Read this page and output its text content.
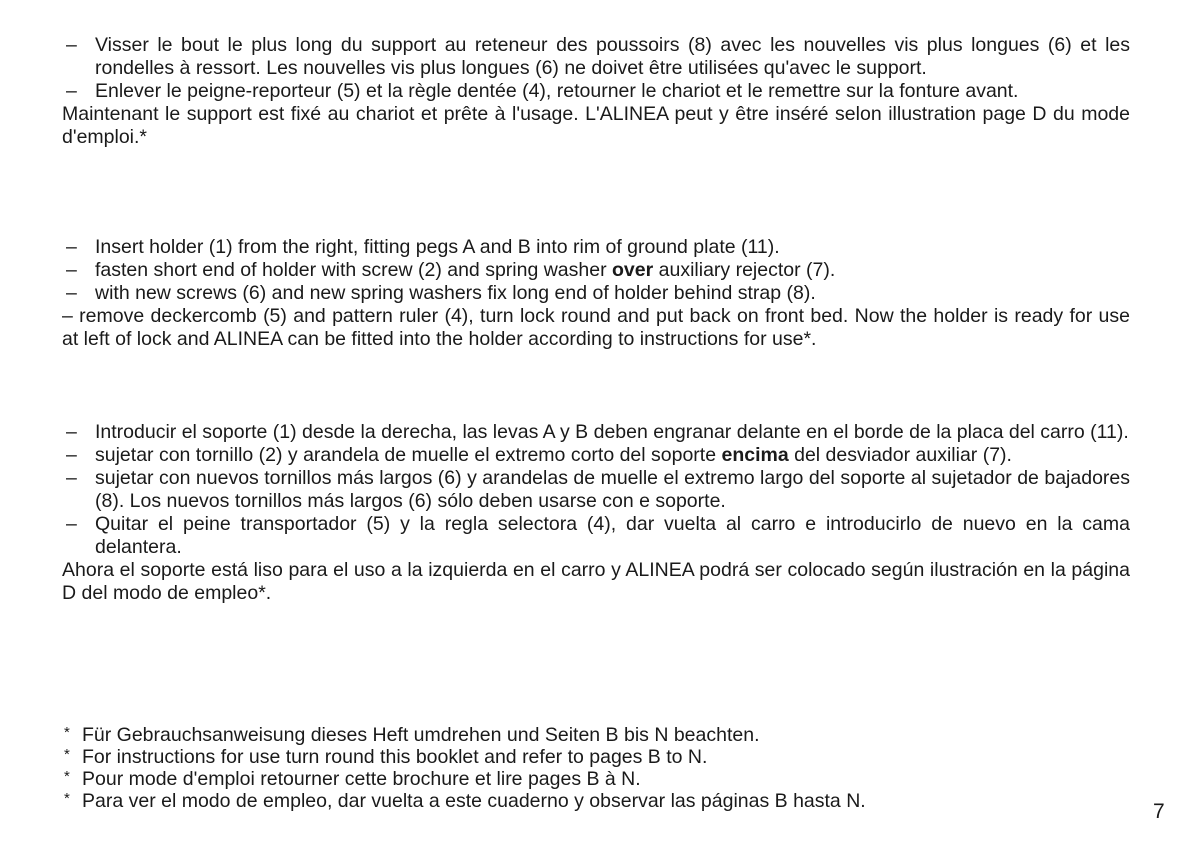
– Visser le bout le plus long du support au reteneur des poussoirs (8) avec les nouvelles vis plus longues (6) et les rondelles à ressort. Les nouvelles vis plus longues (6) ne doivet être utilisées qu'avec le support.
– Enlever le peigne-reporteur (5) et la règle dentée (4), retourner le chariot et le remettre sur la fonture avant.
Maintenant le support est fixé au chariot et prête à l'usage. L'ALINEA peut y être inséré selon illustration page D du mode d'emploi.*
– Insert holder (1) from the right, fitting pegs A and B into rim of ground plate (11).
– fasten short end of holder with screw (2) and spring washer over auxiliary rejector (7).
– with new screws (6) and new spring washers fix long end of holder behind strap (8).
– remove deckercomb (5) and pattern ruler (4), turn lock round and put back on front bed. Now the holder is ready for use at left of lock and ALINEA can be fitted into the holder according to instructions for use*.
– Introducir el soporte (1) desde la derecha, las levas A y B deben engranar delante en el borde de la placa del carro (11).
– sujetar con tornillo (2) y arandela de muelle el extremo corto del soporte encima del desviador auxiliar (7).
– sujetar con nuevos tornillos más largos (6) y arandelas de muelle el extremo largo del soporte al sujetador de bajadores (8). Los nuevos tornillos más largos (6) sólo deben usarse con e soporte.
– Quitar el peine transportador (5) y la regla selectora (4), dar vuelta al carro e introducirlo de nuevo en la cama delantera.
Ahora el soporte está liso para el uso a la izquierda en el carro y ALINEA podrá ser colocado según ilustración en la página D del modo de empleo*.
* Für Gebrauchsanweisung dieses Heft umdrehen und Seiten B bis N beachten.
* For instructions for use turn round this booklet and refer to pages B to N.
* Pour mode d'emploi retourner cette brochure et lire pages B à N.
* Para ver el modo de empleo, dar vuelta a este cuaderno y observar las páginas B hasta N.	7
